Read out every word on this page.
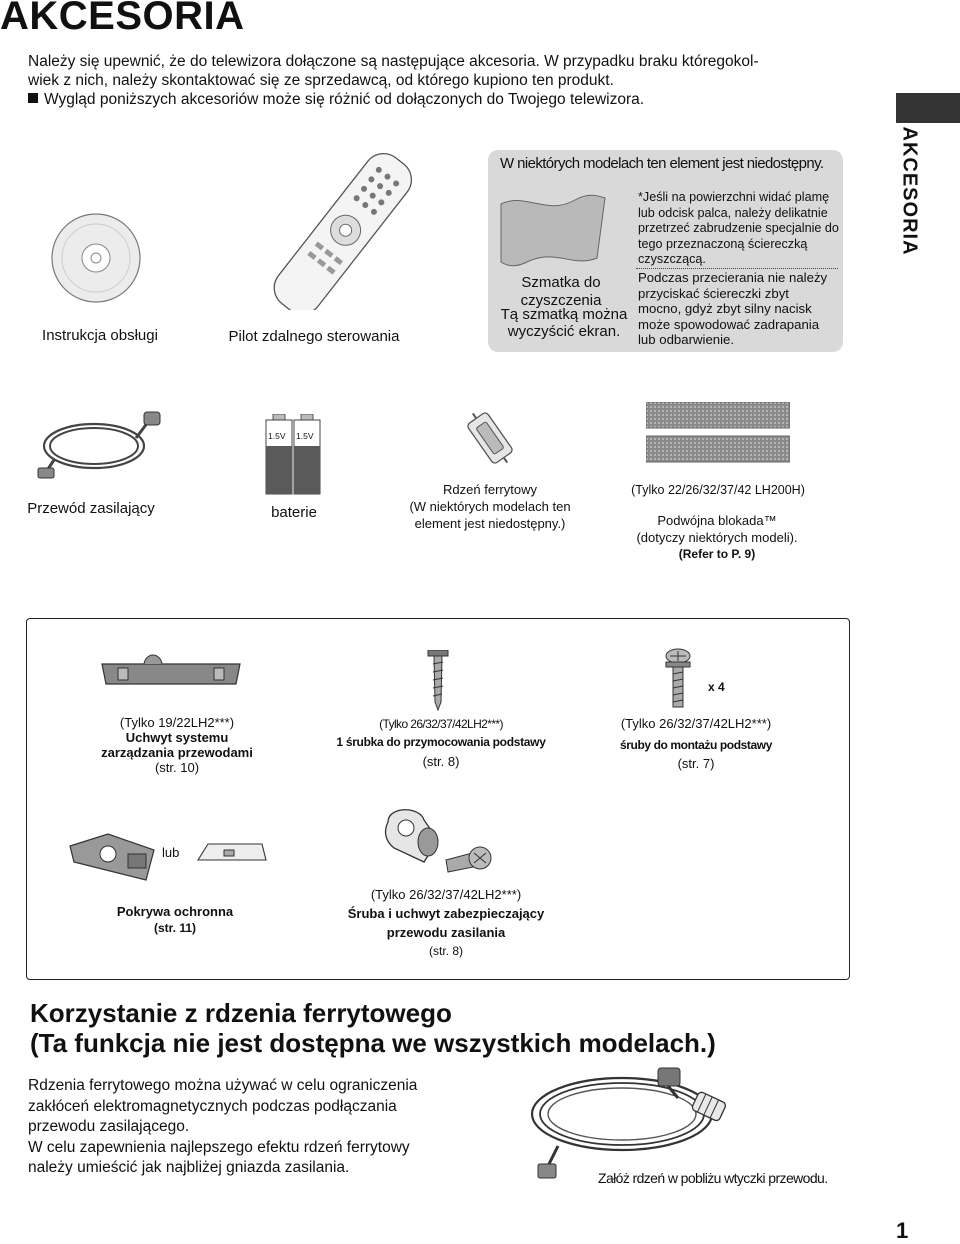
AKCESORIA

Należy się upewnić, że do telewizora dołączone są następujące akcesoria. W przypadku braku któregokol-

wiek z nich, należy skontaktować się ze sprzedawcą, od którego kupiono ten produkt.

Wygląd poniższych akcesoriów może się różnić od dołączonych do Twojego telewizora.

AKCESORIA
Instrukcja obsługi	Pilot zdalnego sterowania
W niektórych modelach ten element jest niedostępny.
Szmatka do
czyszczenia
Tą szmatką można
wyczyścić ekran.
*Jeśli na powierzchni widać plamę
lub odcisk palca, należy delikatnie
przetrzeć zabrudzenie specjalnie do
tego przeznaczoną ściereczką
czyszczącą.
Podczas przecierania nie należy
przyciskać ściereczki zbyt
mocno, gdyż zbyt silny nacisk
może spowodować zadrapania
lub odbarwienie.
Przewód zasilający
1.5V 1.5V
baterie
Rdzeń ferrytowy
(W niektórych modelach ten
element jest niedostępny.)
(Tylko 22/26/32/37/42 LH200H)
Podwójna blokada™
(dotyczy niektórych modeli).
(Refer to P. 9)
(Tylko 19/22LH2***)
Uchwyt systemu
zarządzania przewodami
(str. 10)
(Tylko 26/32/37/42LH2***)
1 śrubka do przymocowania podstawy
(str. 8)
x 4
(Tylko 26/32/37/42LH2***)
śruby do montażu podstawy
(str. 7)
lub
Pokrywa ochronna
(str. 11)
(Tylko 26/32/37/42LH2***)
Śruba i uchwyt zabezpieczający
przewodu zasilania
(str. 8)
Korzystanie z rdzenia ferrytowego
(Ta funkcja nie jest dostępna we wszystkich modelach.)

Rdzenia ferrytowego można używać w celu ograniczenia

zakłóceń elektromagnetycznych podczas podłączania

przewodu zasilającego.

W celu zapewnienia najlepszego efektu rdzeń ferrytowy

należy umieścić jak najbliżej gniazda zasilania.

Załóż rdzeń w pobliżu wtyczki przewodu.
1
